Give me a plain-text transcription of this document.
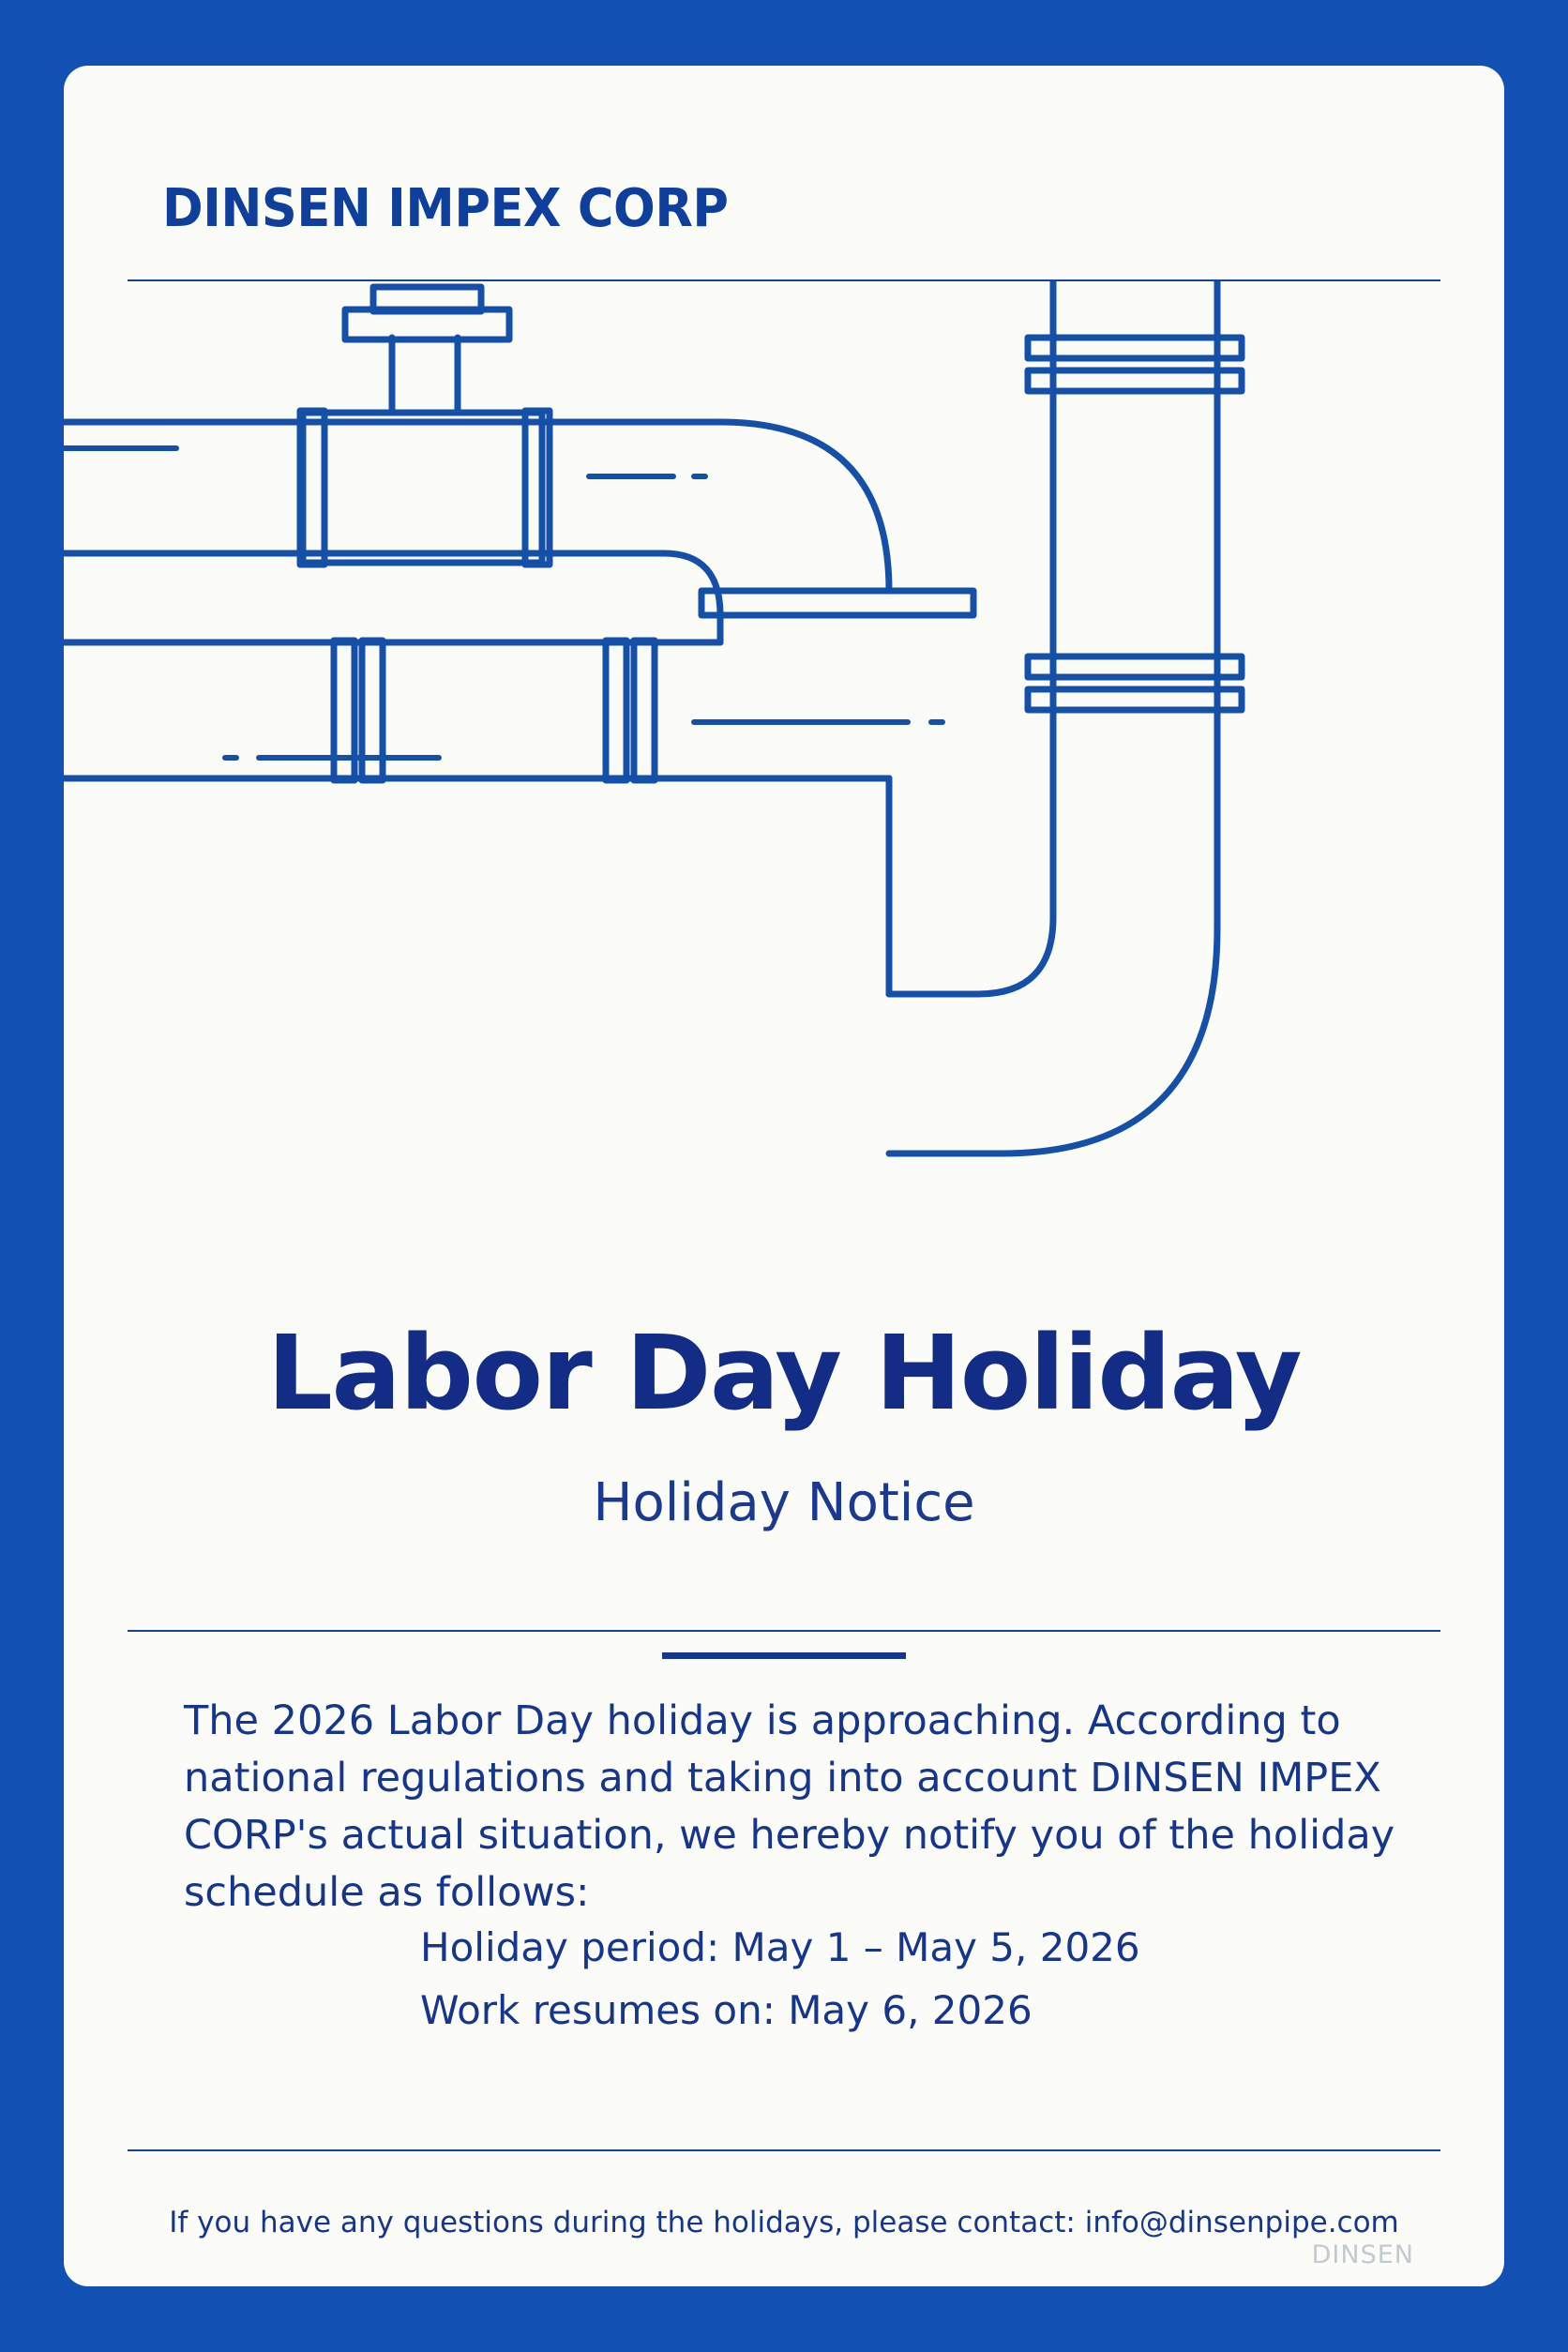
DINSEN IMPEX CORP
Labor Day Holiday
Holiday Notice
The 2026 Labor Day holiday is approaching. According to national regulations and taking into account DINSEN IMPEX CORP's actual situation, we hereby notify you of the holiday schedule as follows:
Holiday period: May 1 – May 5, 2026
Work resumes on: May 6, 2026
If you have any questions during the holidays, please contact: info@dinsenpipe.com
DINSEN
